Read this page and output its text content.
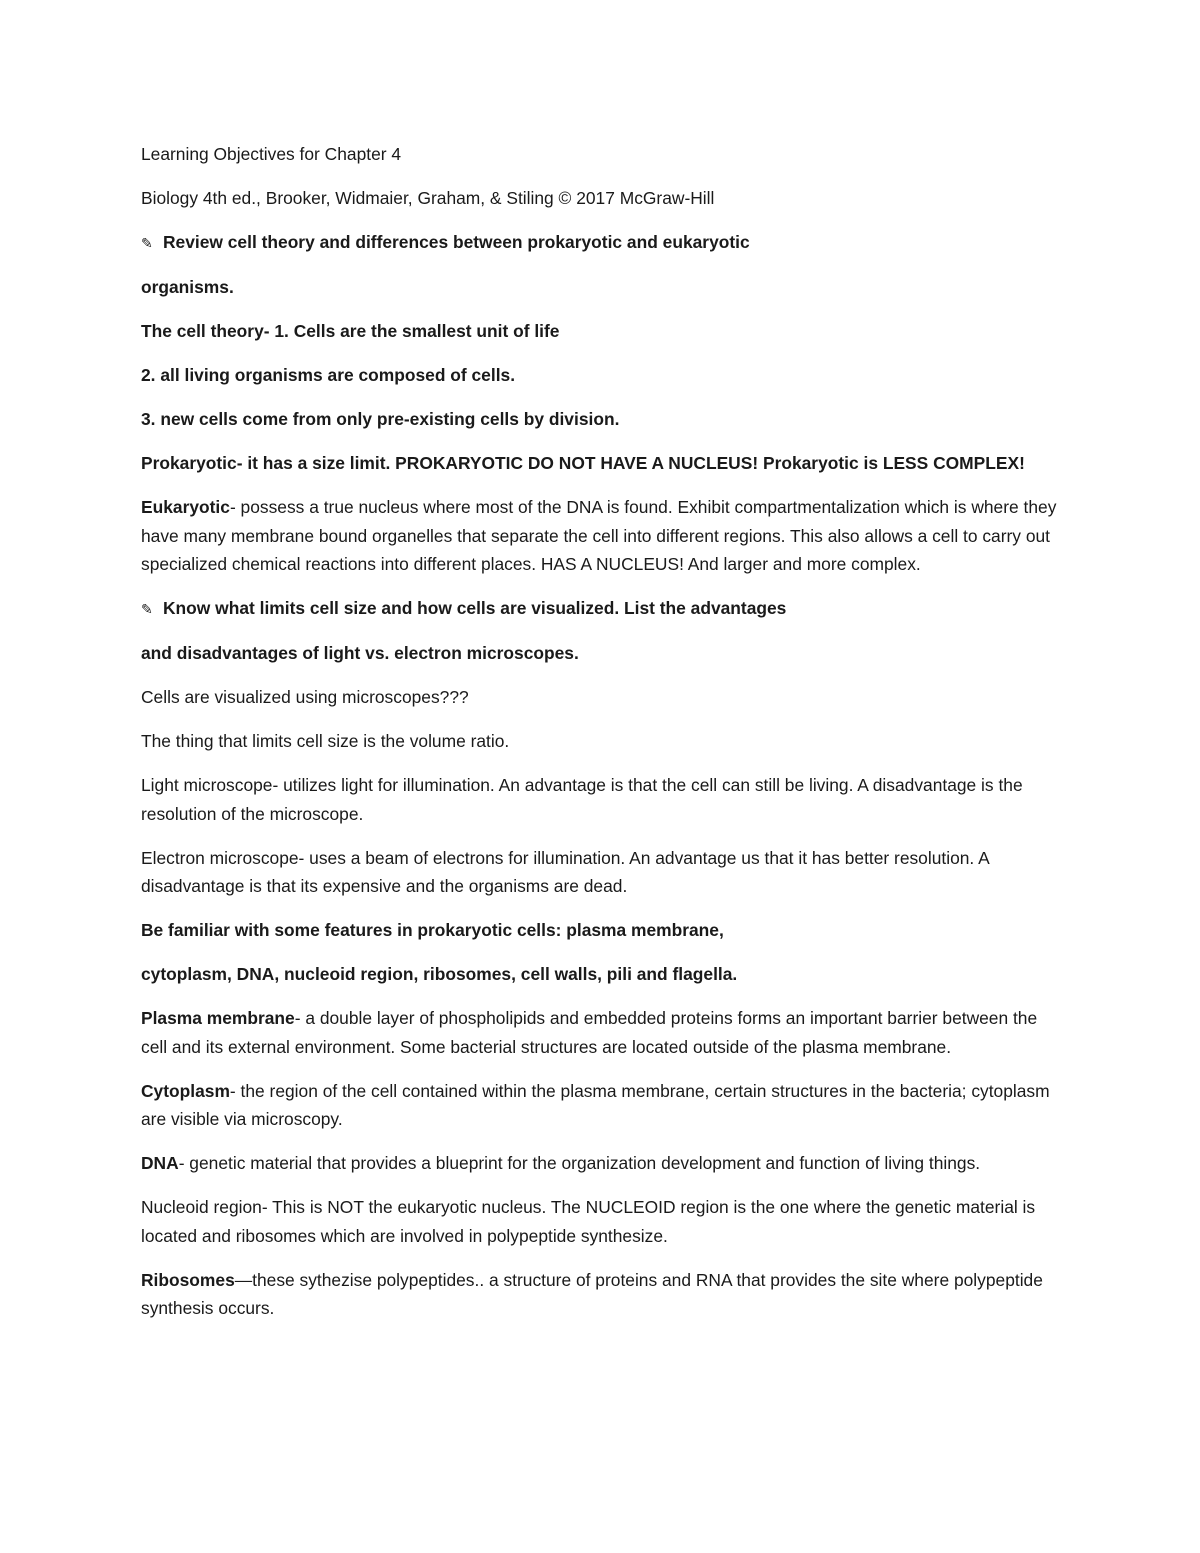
Learning Objectives for Chapter 4

Biology 4th ed., Brooker, Widmaier, Graham, & Stiling © 2017 McGraw-Hill

✎ Review cell theory and differences between prokaryotic and eukaryotic

organisms.

The cell theory- 1. Cells are the smallest unit of life

2. all living organisms are composed of cells.

3. new cells come from only pre-existing cells by division.

Prokaryotic- it has a size limit. PROKARYOTIC DO NOT HAVE A NUCLEUS! Prokaryotic is LESS COMPLEX!

Eukaryotic- possess a true nucleus where most of the DNA is found. Exhibit compartmentalization which is where they have many membrane bound organelles that separate the cell into different regions. This also allows a cell to carry out specialized chemical reactions into different places. HAS A NUCLEUS! And larger and more complex.

✎ Know what limits cell size and how cells are visualized. List the advantages

and disadvantages of light vs. electron microscopes.

Cells are visualized using microscopes???

The thing that limits cell size is the volume ratio.

Light microscope- utilizes light for illumination. An advantage is that the cell can still be living. A disadvantage is the resolution of the microscope.

Electron microscope- uses a beam of electrons for illumination. An advantage us that it has better resolution. A disadvantage is that its expensive and the organisms are dead.

Be familiar with some features in prokaryotic cells: plasma membrane,

cytoplasm, DNA, nucleoid region, ribosomes, cell walls, pili and flagella.

Plasma membrane- a double layer of phospholipids and embedded proteins forms an important barrier between the cell and its external environment. Some bacterial structures are located outside of the plasma membrane.

Cytoplasm- the region of the cell contained within the plasma membrane, certain structures in the bacteria; cytoplasm are visible via microscopy.

DNA- genetic material that provides a blueprint for the organization development and function of living things.

Nucleoid region- This is NOT the eukaryotic nucleus. The NUCLEOID region is the one where the genetic material is located and ribosomes which are involved in polypeptide synthesize.

Ribosomes—these sythezise polypeptides.. a structure of proteins and RNA that provides the site where polypeptide synthesis occurs.
